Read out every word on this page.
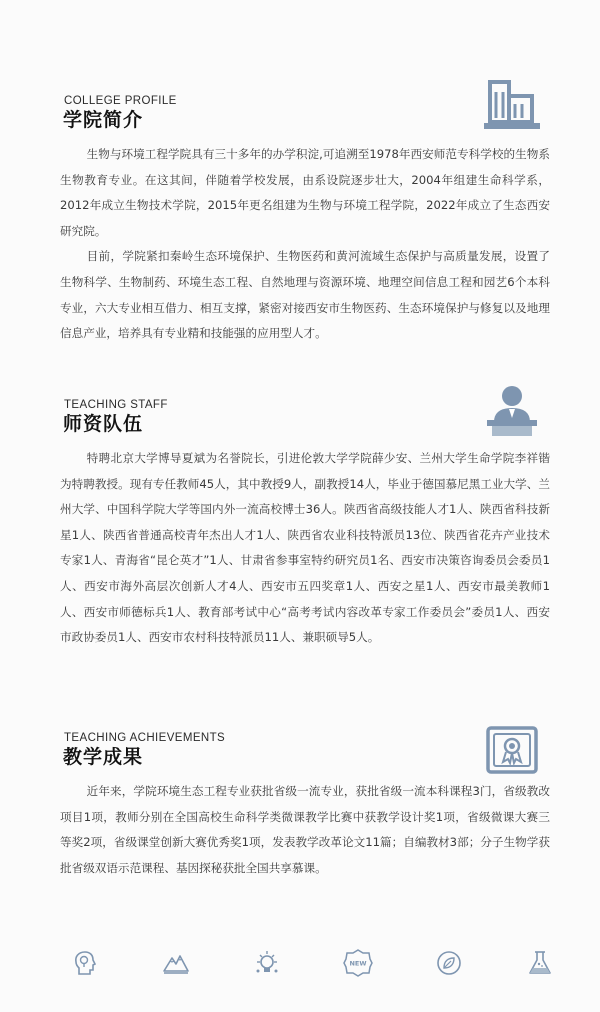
COLLEGE PROFILE
学院简介

生物与环境工程学院具有三十多年的办学积淀,可追溯至1978年西安师范专科学校的生物系生物教育专业。在这其间，伴随着学校发展，由系设院逐步壮大，2004年组建生命科学系，2012年成立生物技术学院，2015年更名组建为生物与环境工程学院，2022年成立了生态西安研究院。

目前，学院紧扣秦岭生态环境保护、生物医药和黄河流域生态保护与高质量发展，设置了生物科学、生物制药、环境生态工程、自然地理与资源环境、地理空间信息工程和园艺6个本科专业，六大专业相互借力、相互支撑，紧密对接西安市生物医药、生态环境保护与修复以及地理信息产业，培养具有专业精和技能强的应用型人才。

TEACHING STAFF
师资队伍

特聘北京大学博导夏斌为名誉院长，引进伦敦大学学院薛少安、兰州大学生命学院李祥锴为特聘教授。现有专任教师45人，其中教授9人，副教授14人，毕业于德国慕尼黑工业大学、兰州大学、中国科学院大学等国内外一流高校博士36人。陕西省高级技能人才1人、陕西省科技新星1人、陕西省普通高校青年杰出人才1人、陕西省农业科技特派员13位、陕西省花卉产业技术专家1人、青海省“昆仑英才”1人、甘肃省参事室特约研究员1名、西安市决策咨询委员会委员1人、西安市海外高层次创新人才4人、西安市五四奖章1人、西安之星1人、西安市最美教师1人、西安市师德标兵1人、教育部考试中心“高考考试内容改革专家工作委员会”委员1人、西安市政协委员1人、西安市农村科技特派员11人、兼职硕导5人。

TEACHING ACHIEVEMENTS
教学成果

近年来，学院环境生态工程专业获批省级一流专业，获批省级一流本科课程3门，省级教改项目1项，教师分别在全国高校生命科学类微课教学比赛中获教学设计奖1项，省级微课大赛三等奖2项，省级课堂创新大赛优秀奖1项，发表教学改革论文11篇；自编教材3部；分子生物学获批省级双语示范课程、基因探秘获批全国共享慕课。

NEW
